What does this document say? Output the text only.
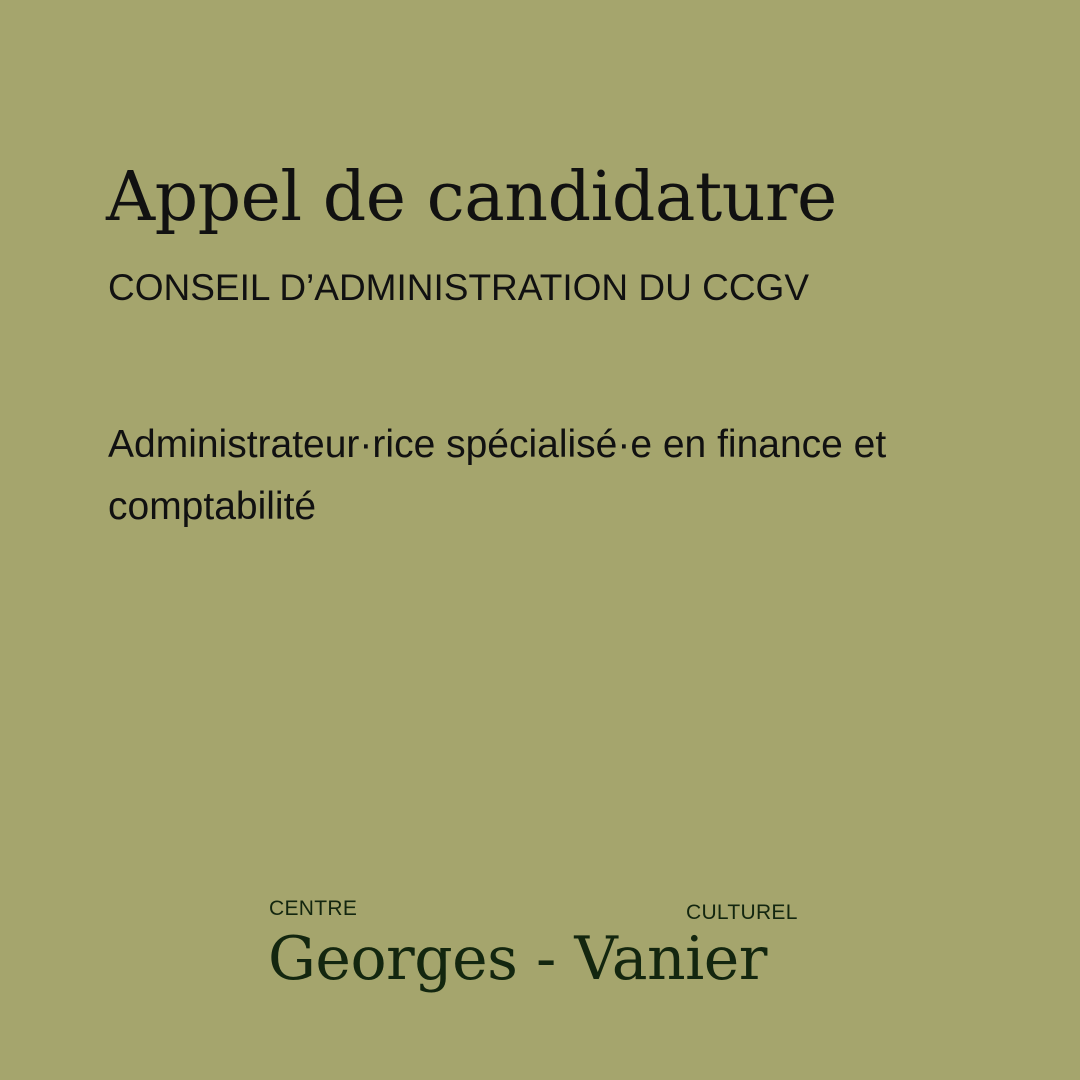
Appel de candidature

CONSEIL D’ADMINISTRATION DU CCGV

Administrateur·rice spécialisé·e en finance et comptabilité

CENTRE	CULTUREL
Georges - Vanier
